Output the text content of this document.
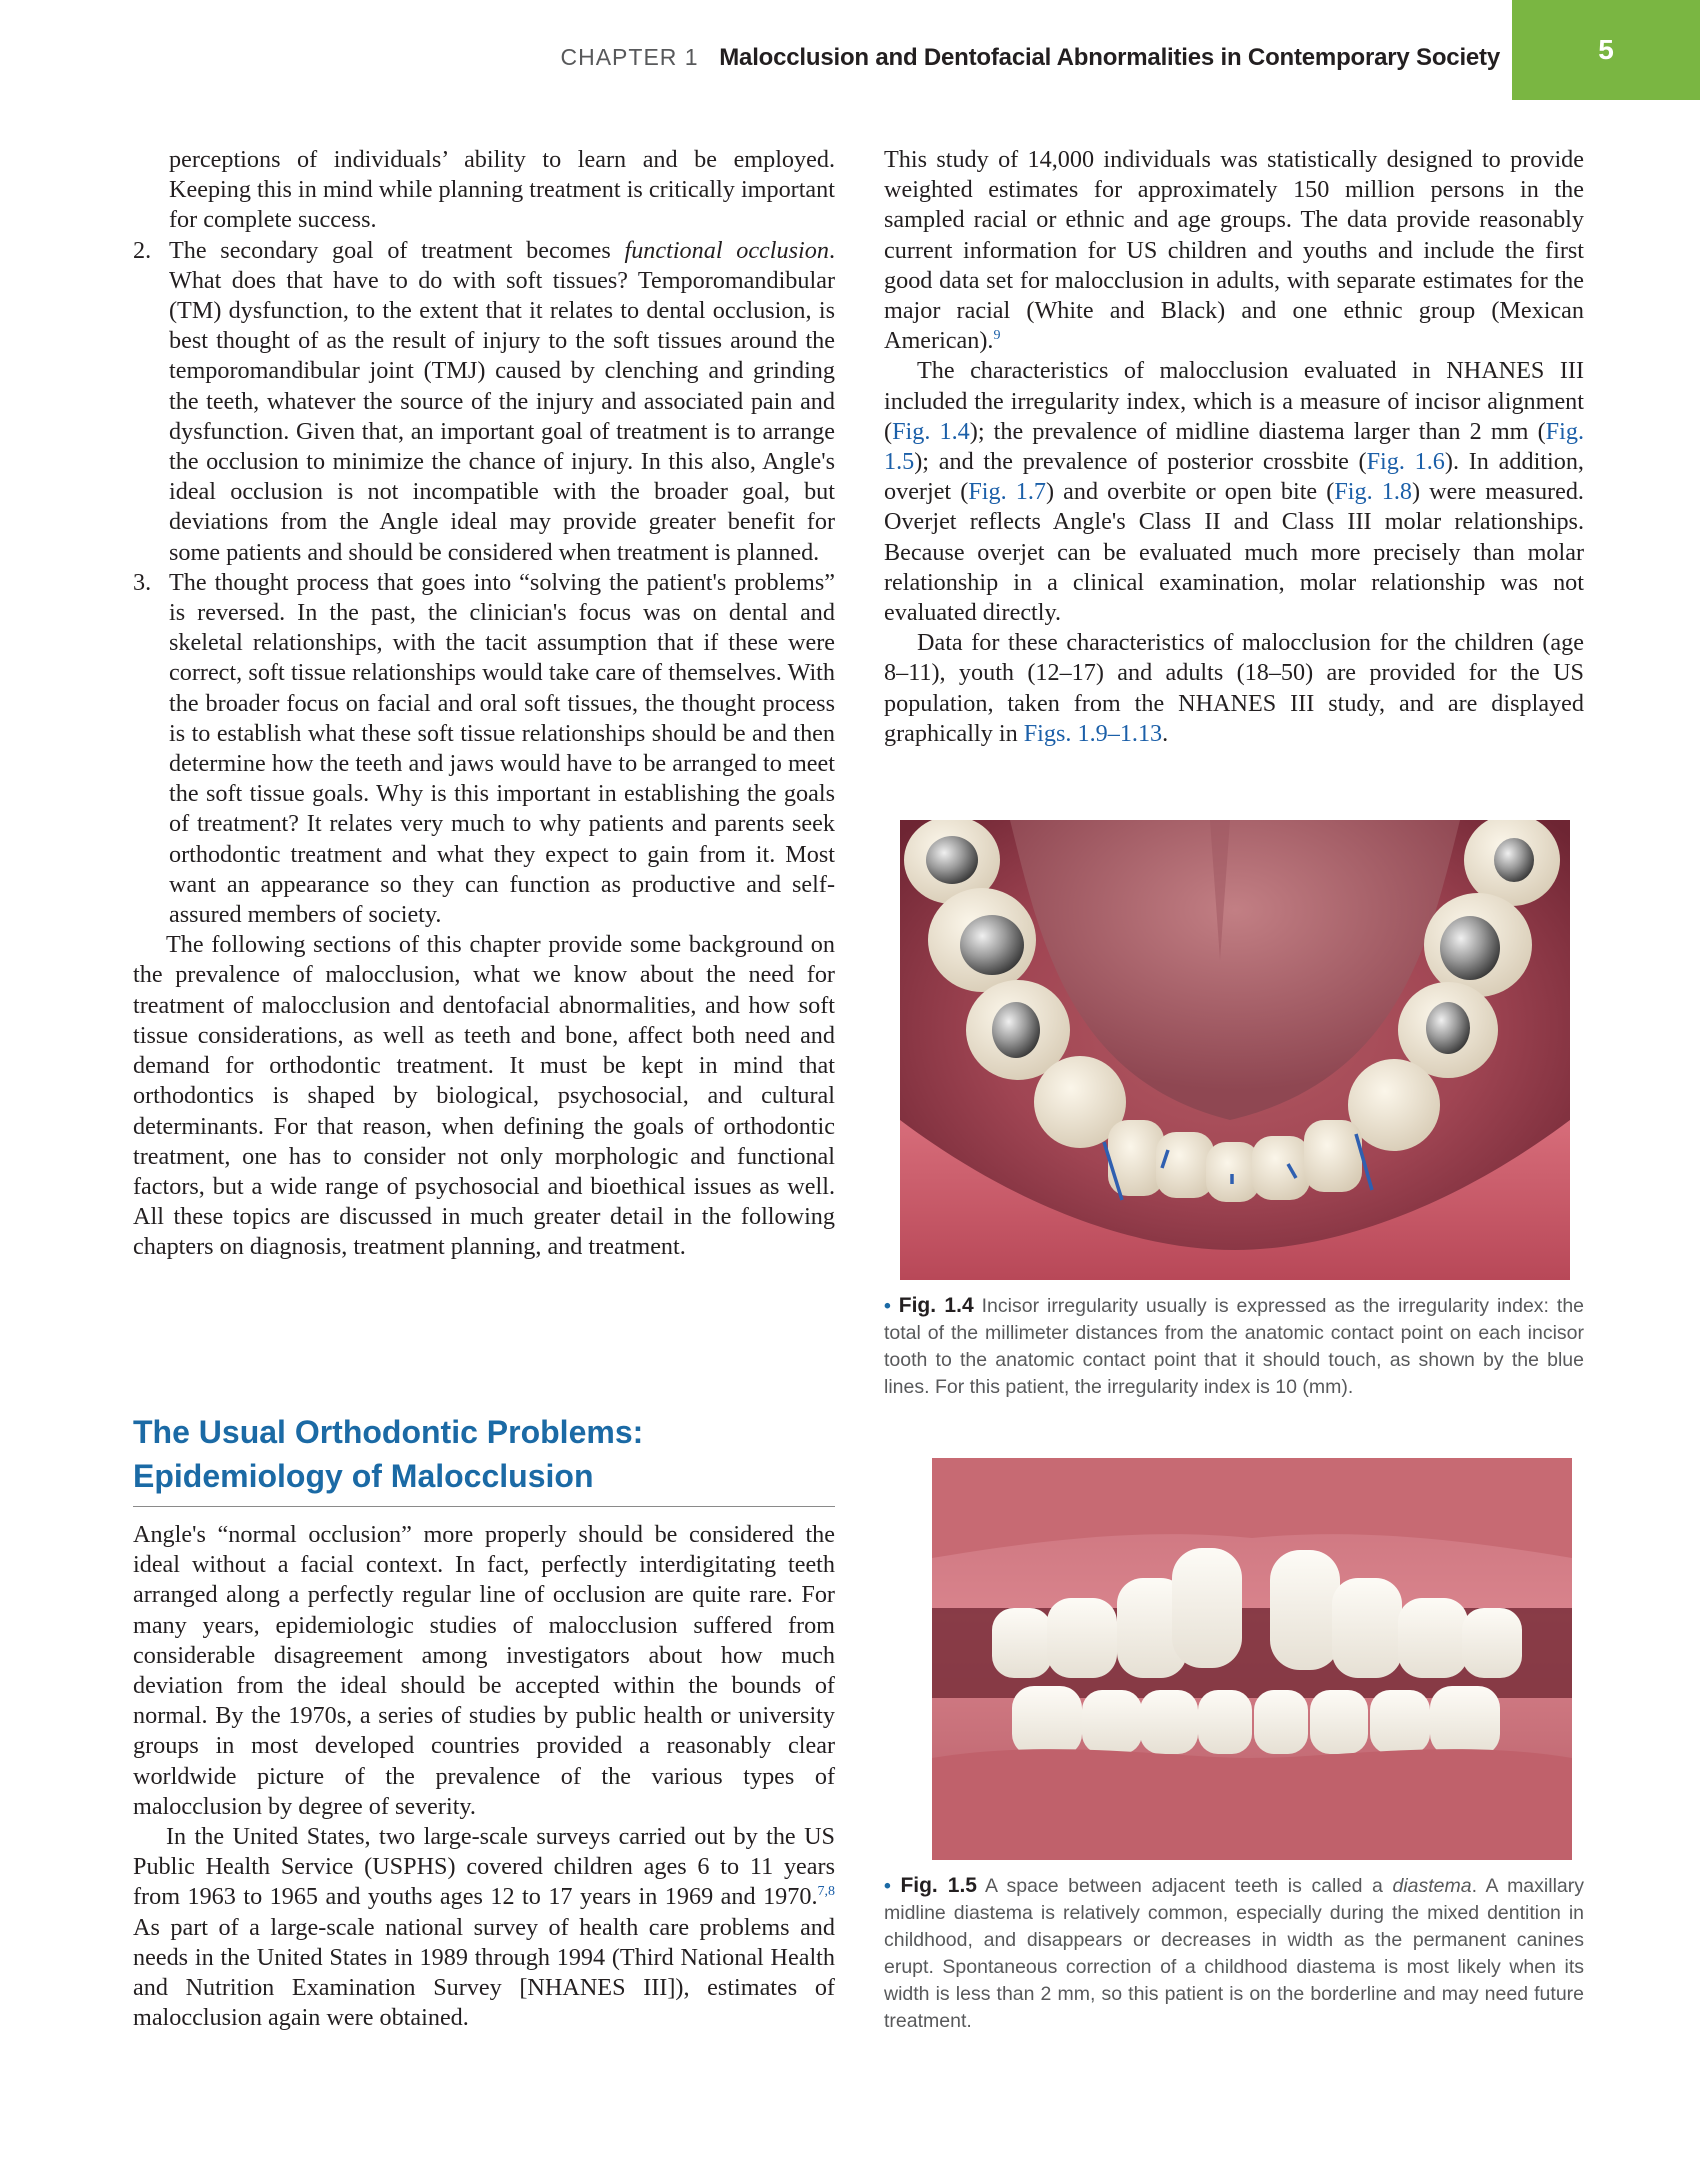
CHAPTER 1 Malocclusion and Dentofacial Abnormalities in Contemporary Society	5

perceptions of individuals’ ability to learn and be employed. Keeping this in mind while planning treatment is critically important for complete success.

2. The secondary goal of treatment becomes functional occlusion. What does that have to do with soft tissues? Temporomandibular (TM) dysfunction, to the extent that it relates to dental occlusion, is best thought of as the result of injury to the soft tissues around the temporomandibular joint (TMJ) caused by clenching and grinding the teeth, whatever the source of the injury and associated pain and dysfunction. Given that, an important goal of treatment is to arrange the occlusion to minimize the chance of injury. In this also, Angle's ideal occlusion is not incompatible with the broader goal, but deviations from the Angle ideal may provide greater benefit for some patients and should be considered when treatment is planned.
3. The thought process that goes into “solving the patient's problems” is reversed. In the past, the clinician's focus was on dental and skeletal relationships, with the tacit assumption that if these were correct, soft tissue relationships would take care of themselves. With the broader focus on facial and oral soft tissues, the thought process is to establish what these soft tissue relationships should be and then determine how the teeth and jaws would have to be arranged to meet the soft tissue goals. Why is this important in establishing the goals of treatment? It relates very much to why patients and parents seek orthodontic treatment and what they expect to gain from it. Most want an appearance so they can function as productive and self-assured members of society.

The following sections of this chapter provide some background on the prevalence of malocclusion, what we know about the need for treatment of malocclusion and dentofacial abnormalities, and how soft tissue considerations, as well as teeth and bone, affect both need and demand for orthodontic treatment. It must be kept in mind that orthodontics is shaped by biological, psychosocial, and cultural determinants. For that reason, when defining the goals of orthodontic treatment, one has to consider not only morphologic and functional factors, but a wide range of psychosocial and bioethical issues as well. All these topics are discussed in much greater detail in the following chapters on diagnosis, treatment planning, and treatment.

The Usual Orthodontic Problems:
Epidemiology of Malocclusion

Angle's “normal occlusion” more properly should be considered the ideal without a facial context. In fact, perfectly interdigitating teeth arranged along a perfectly regular line of occlusion are quite rare. For many years, epidemiologic studies of malocclusion suffered from considerable disagreement among investigators about how much deviation from the ideal should be accepted within the bounds of normal. By the 1970s, a series of studies by public health or university groups in most developed countries provided a reasonably clear worldwide picture of the prevalence of the various types of malocclusion by degree of severity.

In the United States, two large-scale surveys carried out by the US Public Health Service (USPHS) covered children ages 6 to 11 years from 1963 to 1965 and youths ages 12 to 17 years in 1969 and 1970.$^{7,8}$ As part of a large-scale national survey of health care problems and needs in the United States in 1989 through 1994 (Third National Health and Nutrition Examination Survey [NHANES III]), estimates of malocclusion again were obtained.

This study of 14,000 individuals was statistically designed to provide weighted estimates for approximately 150 million persons in the sampled racial or ethnic and age groups. The data provide reasonably current information for US children and youths and include the first good data set for malocclusion in adults, with separate estimates for the major racial (White and Black) and one ethnic group (Mexican American).$^9$

The characteristics of malocclusion evaluated in NHANES III included the irregularity index, which is a measure of incisor alignment (Fig. 1.4); the prevalence of midline diastema larger than 2 mm (Fig. 1.5); and the prevalence of posterior crossbite (Fig. 1.6). In addition, overjet (Fig. 1.7) and overbite or open bite (Fig. 1.8) were measured. Overjet reflects Angle's Class II and Class III molar relationships. Because overjet can be evaluated much more precisely than molar relationship in a clinical examination, molar relationship was not evaluated directly.

Data for these characteristics of malocclusion for the children (age 8–11), youth (12–17) and adults (18–50) are provided for the US population, taken from the NHANES III study, and are displayed graphically in Figs. 1.9–1.13.

• Fig. 1.4 Incisor irregularity usually is expressed as the irregularity index: the total of the millimeter distances from the anatomic contact point on each incisor tooth to the anatomic contact point that it should touch, as shown by the blue lines. For this patient, the irregularity index is 10 (mm).
• Fig. 1.5 A space between adjacent teeth is called a diastema. A maxillary midline diastema is relatively common, especially during the mixed dentition in childhood, and disappears or decreases in width as the permanent canines erupt. Spontaneous correction of a childhood diastema is most likely when its width is less than 2 mm, so this patient is on the borderline and may need future treatment.
